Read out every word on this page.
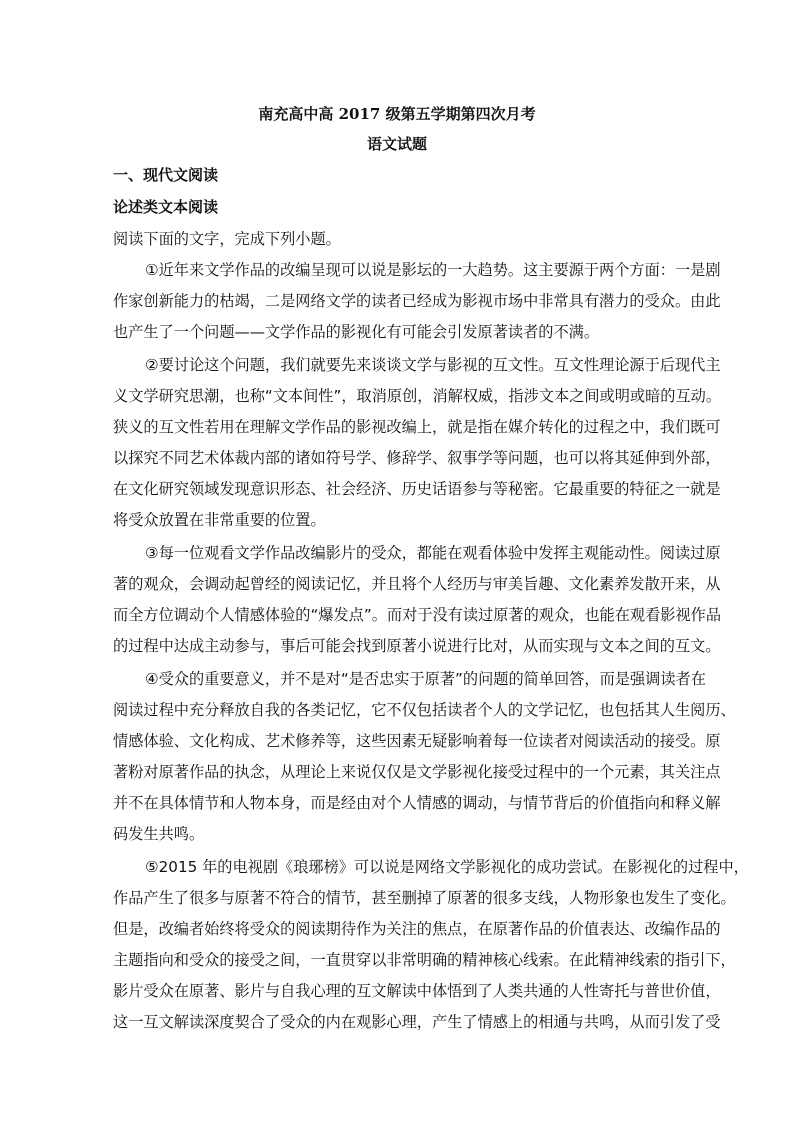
南充高中高 2017 级第五学期第四次月考
语文试题
一、现代文阅读
论述类文本阅读
阅读下面的文字，完成下列小题。
①近年来文学作品的改编呈现可以说是影坛的一大趋势。这主要源于两个方面：一是剧
作家创新能力的枯竭，二是网络文学的读者已经成为影视市场中非常具有潜力的受众。由此
也产生了一个问题——文学作品的影视化有可能会引发原著读者的不满。
②要讨论这个问题，我们就要先来谈谈文学与影视的互文性。互文性理论源于后现代主
义文学研究思潮，也称“文本间性”，取消原创，消解权威，指涉文本之间或明或暗的互动。
狭义的互文性若用在理解文学作品的影视改编上，就是指在媒介转化的过程之中，我们既可
以探究不同艺术体裁内部的诸如符号学、修辞学、叙事学等问题，也可以将其延伸到外部，
在文化研究领域发现意识形态、社会经济、历史话语参与等秘密。它最重要的特征之一就是
将受众放置在非常重要的位置。
③每一位观看文学作品改编影片的受众，都能在观看体验中发挥主观能动性。阅读过原
著的观众，会调动起曾经的阅读记忆，并且将个人经历与审美旨趣、文化素养发散开来，从
而全方位调动个人情感体验的“爆发点”。而对于没有读过原著的观众，也能在观看影视作品
的过程中达成主动参与，事后可能会找到原著小说进行比对，从而实现与文本之间的互文。
④受众的重要意义，并不是对“是否忠实于原著”的问题的简单回答，而是强调读者在
阅读过程中充分释放自我的各类记忆，它不仅包括读者个人的文学记忆，也包括其人生阅历、
情感体验、文化构成、艺术修养等，这些因素无疑影响着每一位读者对阅读活动的接受。原
著粉对原著作品的执念，从理论上来说仅仅是文学影视化接受过程中的一个元素，其关注点
并不在具体情节和人物本身，而是经由对个人情感的调动，与情节背后的价值指向和释义解
码发生共鸣。
⑤2015 年的电视剧《琅琊榜》可以说是网络文学影视化的成功尝试。在影视化的过程中，
作品产生了很多与原著不符合的情节，甚至删掉了原著的很多支线，人物形象也发生了变化。
但是，改编者始终将受众的阅读期待作为关注的焦点，在原著作品的价值表达、改编作品的
主题指向和受众的接受之间，一直贯穿以非常明确的精神核心线索。在此精神线索的指引下，
影片受众在原著、影片与自我心理的互文解读中体悟到了人类共通的人性寄托与普世价值，
这一互文解读深度契合了受众的内在观影心理，产生了情感上的相通与共鸣，从而引发了受
